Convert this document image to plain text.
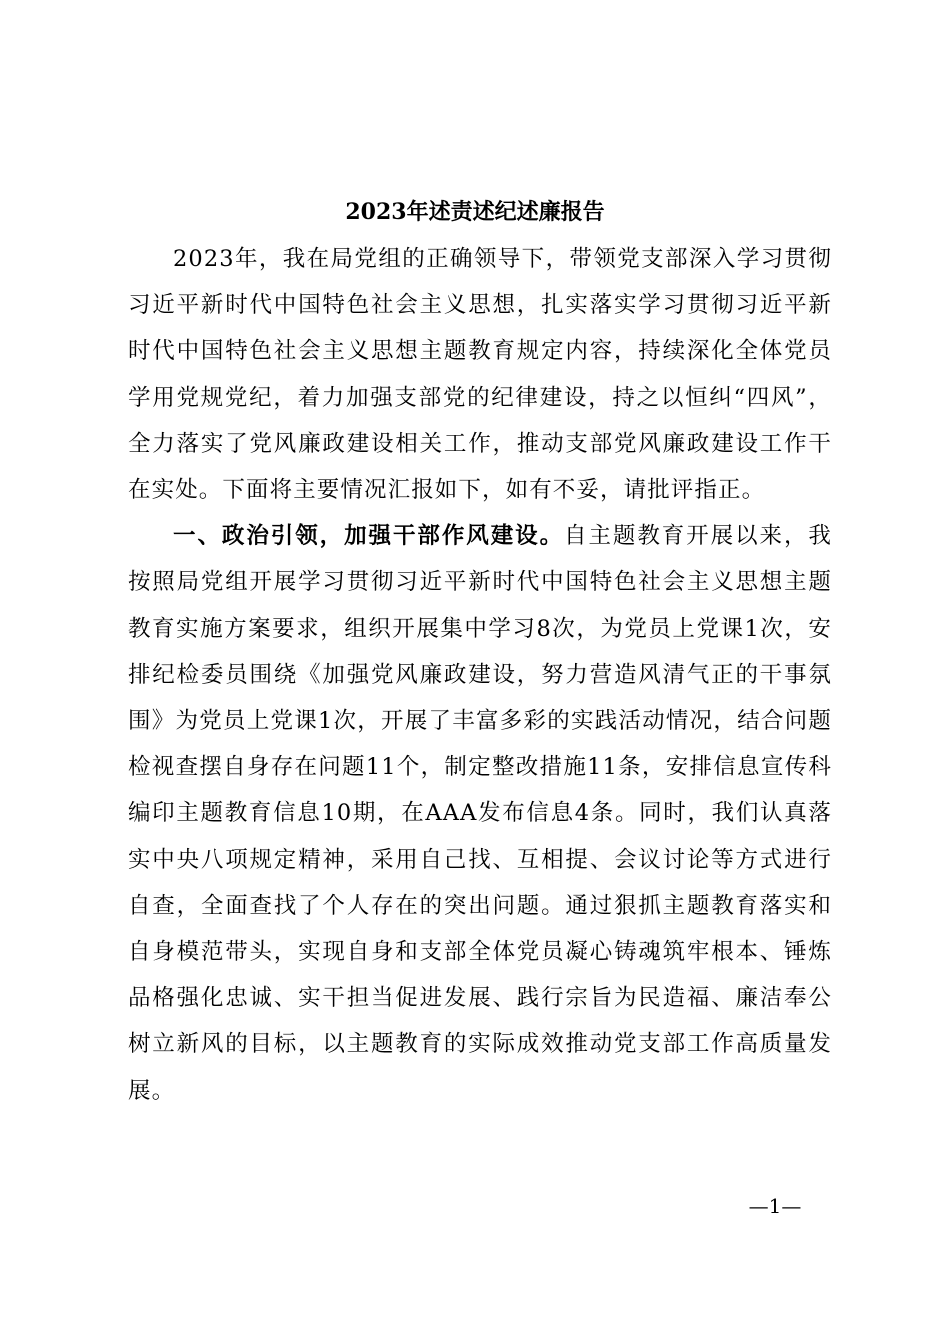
2023年述责述纪述廉报告

2023年，我在局党组的正确领导下，带领党支部深入学习贯彻习近平新时代中国特色社会主义思想，扎实落实学习贯彻习近平新时代中国特色社会主义思想主题教育规定内容，持续深化全体党员学用党规党纪，着力加强支部党的纪律建设，持之以恒纠“四风”，全力落实了党风廉政建设相关工作，推动支部党风廉政建设工作干在实处。下面将主要情况汇报如下，如有不妥，请批评指正。

一、政治引领，加强干部作风建设。自主题教育开展以来，我按照局党组开展学习贯彻习近平新时代中国特色社会主义思想主题教育实施方案要求，组织开展集中学习8次，为党员上党课1次，安排纪检委员围绕《加强党风廉政建设，努力营造风清气正的干事氛围》为党员上党课1次，开展了丰富多彩的实践活动情况，结合问题检视查摆自身存在问题11个，制定整改措施11条，安排信息宣传科编印主题教育信息10期，在AAA发布信息4条。同时，我们认真落实中央八项规定精神，采用自己找、互相提、会议讨论等方式进行自查，全面查找了个人存在的突出问题。通过狠抓主题教育落实和自身模范带头，实现自身和支部全体党员凝心铸魂筑牢根本、锤炼品格强化忠诚、实干担当促进发展、践行宗旨为民造福、廉洁奉公树立新风的目标，以主题教育的实际成效推动党支部工作高质量发展。

—1—
